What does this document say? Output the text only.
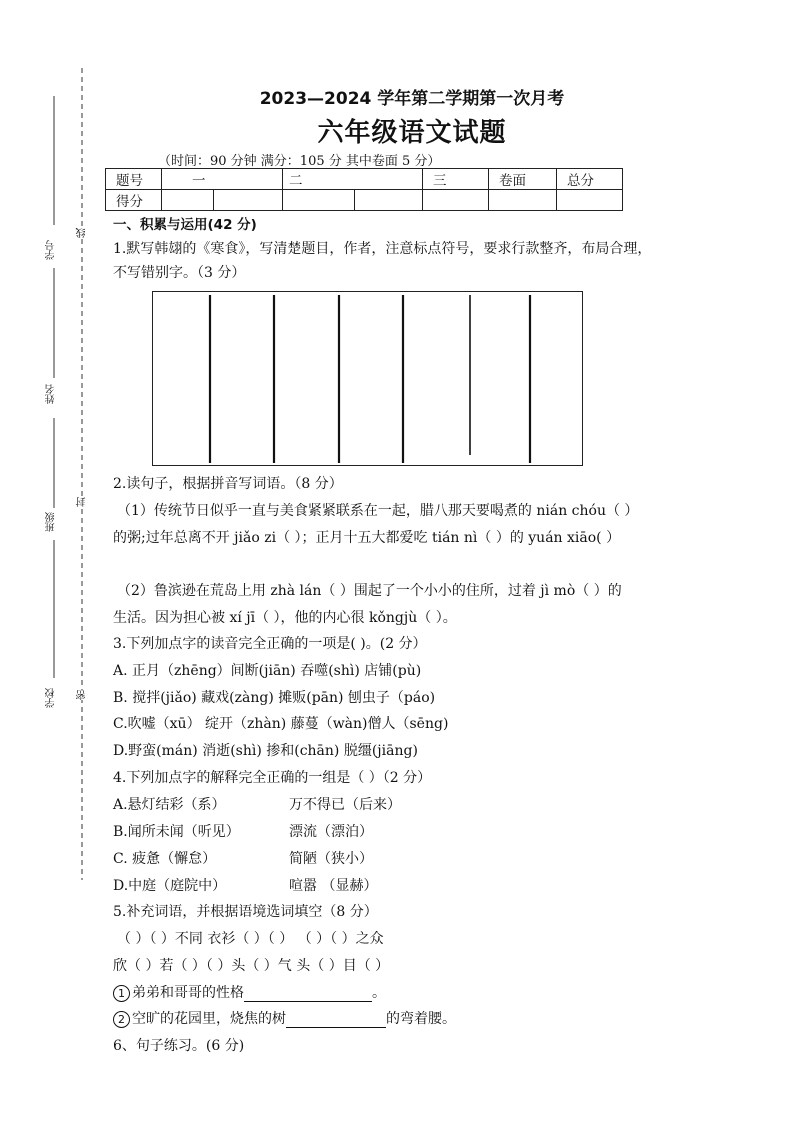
学号
姓名
班级
学校
线
封
密
2023—2024 学年第二学期第一次月考
六年级语文试题
（时间：90 分钟 满分：105 分 其中卷面 5 分）
题号	一		二		三	卷面	总分
得分							
一、积累与运用(42 分)
1.默写韩翃的《寒食》，写清楚题目，作者，注意标点符号，要求行款整齐，布局合理，
不写错别字。（3 分）
2.读句子，根据拼音写词语。（8 分）
（1）传统节日似乎一直与美食紧紧联系在一起，腊八那天要喝煮的 nián chóu（ ）
的粥;过年总离不开 jiǎo zi（ ）；正月十五大都爱吃 tián nì（ ）的 yuán xiāo( ）
（2）鲁滨逊在荒岛上用 zhà lán（ ）围起了一个小小的住所，过着 jì mò（ ）的
生活。因为担心被 xí jī（ ），他的内心很 kǒngjù（ ）。
3.下列加点字的读音完全正确的一项是( )。(2 分）
A. 正月（zhēng）间断(jiān) 吞噬(shì) 店铺(pù)
B. 搅拌(jiǎo) 藏戏(zàng) 摊贩(pān) 刨虫子（páo)
C.吹嘘（xū） 绽开（zhàn) 藤蔓（wàn)僧人（sēng)
D.野蛮(mán) 消逝(shì) 掺和(chān) 脱缰(jiāng)
4.下列加点字的解释完全正确的一组是（ ）（2 分）
A.悬灯结彩（系）	万不得已（后来）
B.闻所未闻（听见）	漂流（漂泊）
C. 疲惫（懈怠）	简陋（狭小）
D.中庭（庭院中）	喧嚣 （显赫）
5.补充词语，并根据语境选词填空（8 分）
（ ）（ ）不同 衣衫（ ）（ ） （ ）（ ）之众
欣（ ）若（ ）（ ）头（ ）气 头（ ）目（ ）
1 弟弟和哥哥的性格	。
2 空旷的花园里，烧焦的树	的弯着腰。
6、句子练习。(6 分)
